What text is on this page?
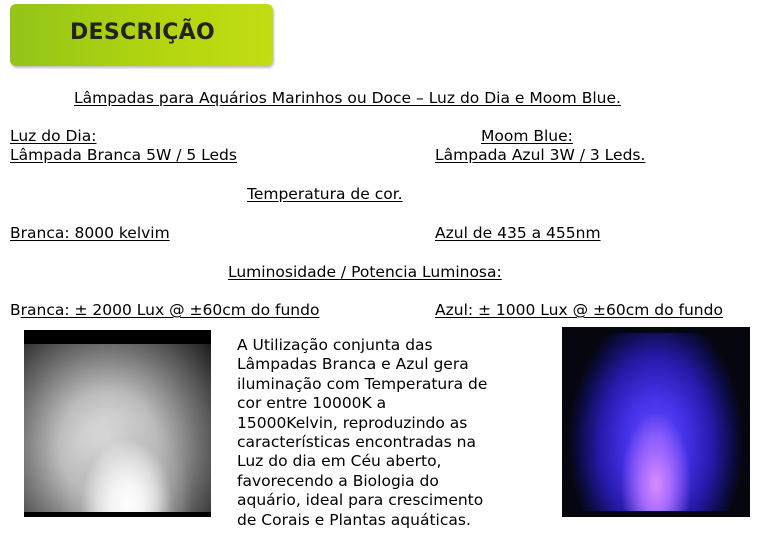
DESCRIÇÃO
Lâmpadas para Aquários Marinhos ou Doce – Luz do Dia e Moom Blue.
Luz do Dia:	Moom Blue:
Lâmpada Branca 5W / 5 Leds	Lâmpada Azul 3W / 3 Leds.
Temperatura de cor.
Branca: 8000 kelvim	Azul de 435 a 455nm
Luminosidade / Potencia Luminosa:
Branca: ± 2000 Lux @ ±60cm do fundo	Azul: ± 1000 Lux @ ±60cm do fundo
A Utilização conjunta das
Lâmpadas Branca e Azul gera
iluminação com Temperatura de
cor entre 10000K a
15000Kelvin, reproduzindo as
características encontradas na
Luz do dia em Céu aberto,
favorecendo a Biologia do
aquário, ideal para crescimento
de Corais e Plantas aquáticas.
